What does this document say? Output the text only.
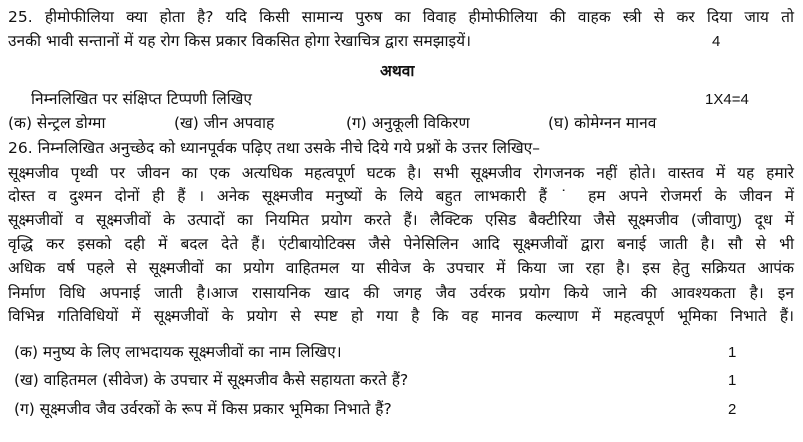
25. हीमोफीलिया क्या होता है? यदि किसी सामान्य पुरुष का विवाह हीमोफीलिया की वाहक स्त्री से कर दिया जाय तो
उनकी भावी सन्तानों में यह रोग किस प्रकार विकसित होगा रेखाचित्र द्वारा समझाइयें।	4
अथवा
निम्नलिखित पर संक्षिप्त टिप्पणी लिखिए	1X4=4
(क) सेन्ट्रल डोग्मा	(ख) जीन अपवाह	(ग) अनुकूली विकिरण	(घ) कोमेग्नन मानव
26. निम्नलिखित अनुच्छेद को ध्यानपूर्वक पढ़िए तथा उसके नीचे दिये गये प्रश्नों के उत्तर लिखिए–
सूक्ष्मजीव पृथ्वी पर जीवन का एक अत्यधिक महत्वपूर्ण घटक है। सभी सूक्ष्मजीव रोगजनक नहीं होते। वास्तव में यह हमारे
दोस्त व दुश्मन दोनों ही हैं । अनेक सूक्ष्मजीव मनुष्यों के लिये बहुत लाभकारी हैं ˙ हम अपने रोजमर्रा के जीवन में
सूक्ष्मजीवों व सूक्ष्मजीवों के उत्पादों का नियमित प्रयोग करते हैं। लैक्टिक एसिड बैक्टीरिया जैसे सूक्ष्मजीव (जीवाणु) दूध में
वृद्धि कर इसको दही में बदल देते हैं। एंटीबायोटिक्स जैसे पेनेसिलिन आदि सूक्ष्मजीवों द्वारा बनाई जाती है। सौ से भी
अधिक वर्ष पहले से सूक्ष्मजीवों का प्रयोग वाहितमल या सीवेज के उपचार में किया जा रहा है। इस हेतु सक्रियत आपंक
निर्माण विधि अपनाई जाती है।आज रासायनिक खाद की जगह जैव उर्वरक प्रयोग किये जाने की आवश्यकता है। इन
विभिन्न गतिविधियों में सूक्ष्मजीवों के प्रयोग से स्पष्ट हो गया है कि वह मानव कल्याण में महत्वपूर्ण भूमिका निभाते हैं।
(क) मनुष्य के लिए लाभदायक सूक्ष्मजीवों का नाम लिखिए।	1
(ख) वाहितमल (सीवेज) के उपचार में सूक्ष्मजीव कैसे सहायता करते हैं?	1
(ग) सूक्ष्मजीव जैव उर्वरकों के रूप में किस प्रकार भूमिका निभाते हैं?	2
